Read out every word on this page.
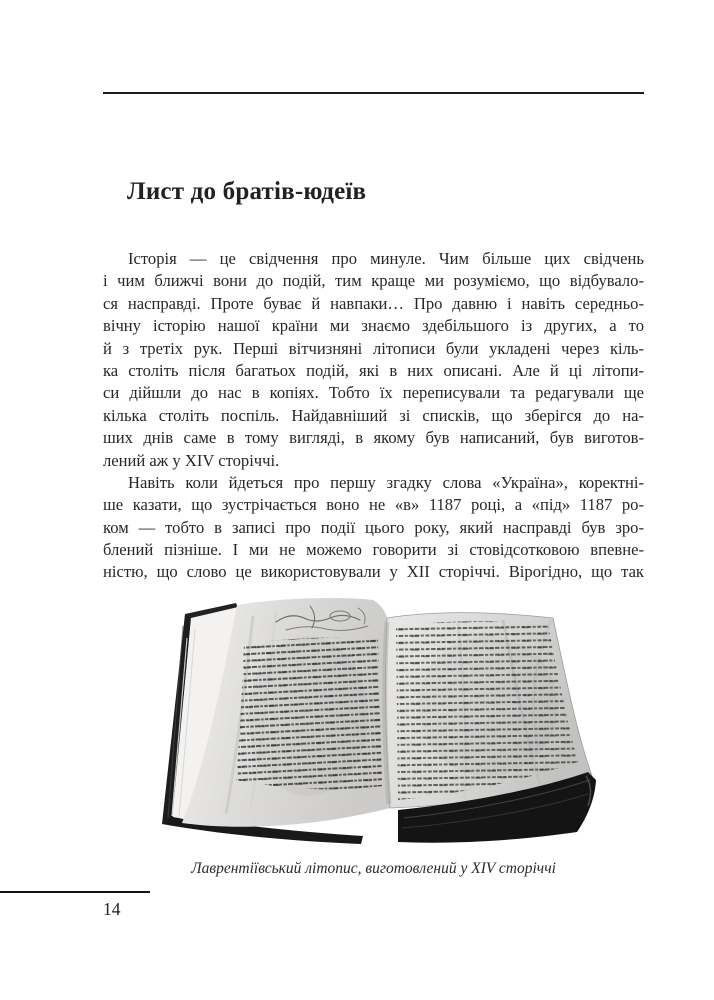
Лист до братів-юдеїв
Історія — це свідчення про минуле. Чим більше цих свідчень
і чим ближчі вони до подій, тим краще ми розуміємо, що відбувало-
ся насправді. Проте буває й навпаки… Про давню і навіть середньо-
вічну історію нашої країни ми знаємо здебільшого із других, а то
й з третіх рук. Перші вітчизняні літописи були укладені через кіль-
ка століть після багатьох подій, які в них описані. Але й ці літопи-
си дійшли до нас в копіях. Тобто їх переписували та редагували ще
кілька століть поспіль. Найдавніший зі списків, що зберігся до на-
ших днів саме в тому вигляді, в якому був написаний, був виготов-
лений аж у XIV сторіччі.
Навіть коли йдеться про першу згадку слова «Україна», коректні-
ше казати, що зустрічається воно не «в» 1187 році, а «під» 1187 ро-
ком — тобто в записі про події цього року, який насправді був зро-
блений пізніше. І ми не можемо говорити зі стовідсотковою впевне-
ністю, що слово це використовували у XII сторіччі. Вірогідно, що так
Лаврентіївський літопис, виготовлений у XIV сторіччі
14
